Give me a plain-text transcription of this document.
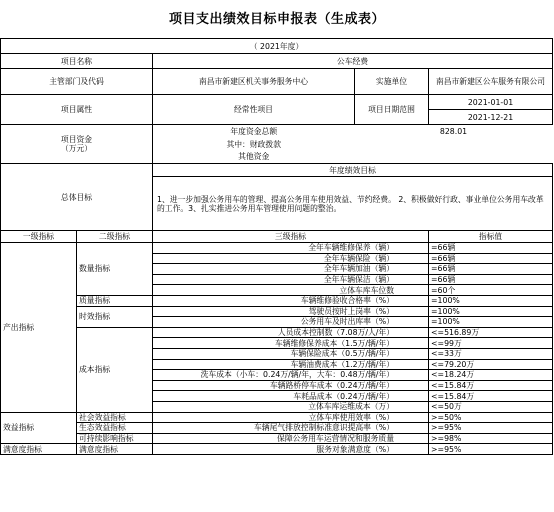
项目支出绩效目标申报表（生成表）
（ 2021年度）				
项目名称		公车经费		
主管部门及代码		南昌市新建区机关事务服务中心	实施单位	南昌市新建区公车服务有限公司
项目属性		经常性项目	项目日期范围	2021-01-01
				2021-12-21
项目资金
（万元）		年度资金总额	828.01	
		其中：财政拨款		
		其他资金		
总体目标		年度绩效目标		
		1、进一步加强公务用车的管理、提高公务用车使用效益、节约经费。 2、积极做好行政、事业单位公务用车改革的工作。3、扎实推进公务用车管理使用问题的整治。		
一级指标	二级指标	三级指标		指标值
产出指标	数量指标	全年车辆维修保养（辆）		=66辆
		全年车辆保险（辆）		=66辆
		全年车辆加油（辆）		=66辆
		全年车辆保洁（辆）		=66辆
		立体车库车位数		=60个
	质量指标	车辆维修验收合格率（%）		=100%
	时效指标	驾驶员按时上岗率（%）		=100%
		公务用车及时出库率（%）		=100%
	成本指标	人员成本控制数（7.08万/人/年）		<=516.89万
		车辆维修保养成本（1.5万/辆/年）		<=99万
		车辆保险成本（0.5万/辆/年）		<=33万
		车辆油费成本（1.2万/辆/年）		<=79.20万
		洗车成本（小车：0.24万/辆/年，大车：0.48万/辆/年）		<=18.24万
		车辆路桥停车成本（0.24万/辆/年）		<=15.84万
		车耗品成本（0.24万/辆/年）		<=15.84万
		立体车库运维成本（万）		<=50万
效益指标	社会效益指标	立体车库使用效率（%）		>=50%
	生态效益指标	车辆尾气排放控制标准意识提高率（%）		>=95%
	可持续影响指标	保障公务用车运营情况和服务质量		>=98%
满意度指标	满意度指标	服务对象满意度（%）		>=95%
